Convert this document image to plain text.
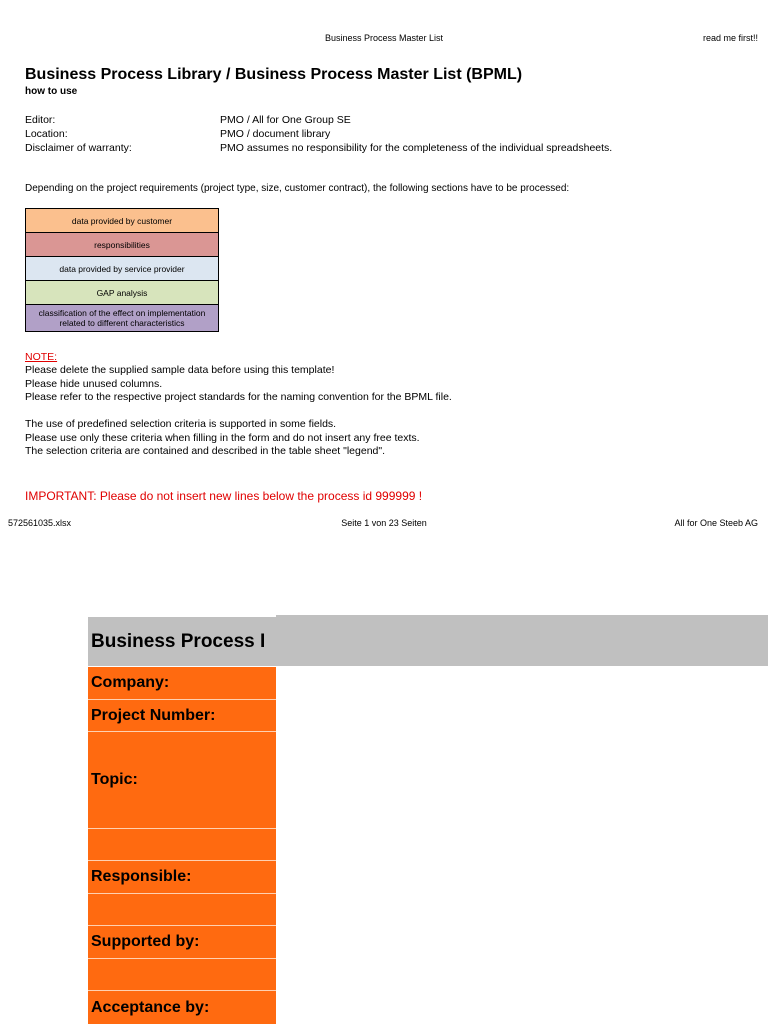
Business Process Master List	read me first!!
Business Process Library / Business Process Master List (BPML)
how to use
Editor:	PMO / All for One Group SE
Location:	PMO / document library
Disclaimer of warranty:	PMO assumes no responsibility for the completeness of the individual spreadsheets.
Depending on the project requirements (project type, size, customer contract), the following sections have to be processed:
data provided by customer
responsibilities
data provided by service provider
GAP analysis
classification of the effect on implementation related to different characteristics
NOTE:
Please delete the supplied sample data before using this template!
Please hide unused columns.
Please refer to the respective project standards for the naming convention for the BPML file.
The use of predefined selection criteria is supported in some fields.
Please use only these criteria when filling in the form and do not insert any free texts.
The selection criteria are contained and described in the table sheet "legend".
IMPORTANT: Please do not insert new lines below the process id 999999 !
572561035.xlsx	Seite 1 von 23 Seiten	All for One Steeb AG
Business Process I
Company:
Project Number:
Topic:
Responsible:
Supported by:
Acceptance by:
